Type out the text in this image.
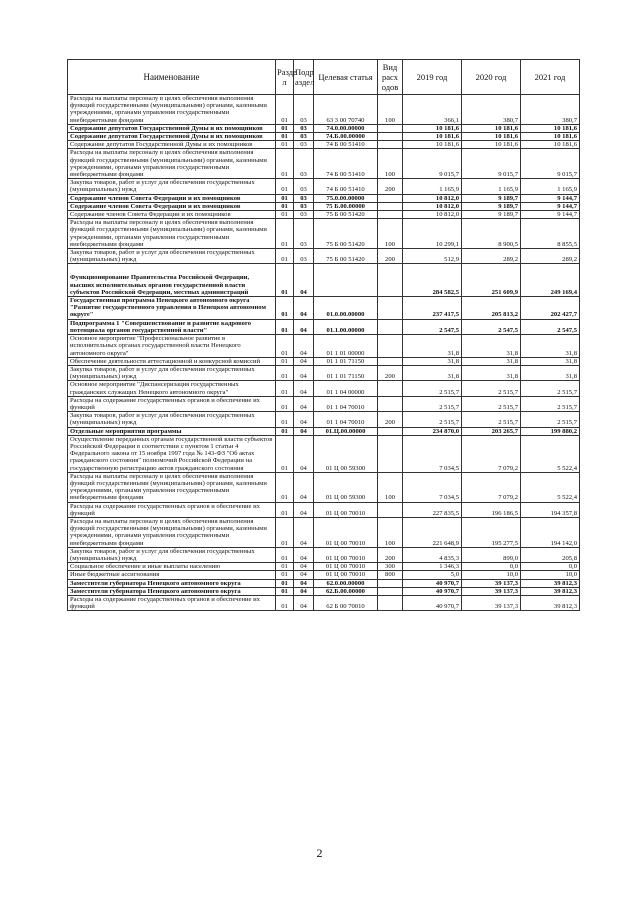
Наименование	Разде л	Подр аздел	Целевая статья	Вид расх одов	2019 год	2020 год	2021 год
Расходы на выплаты персоналу в целях обеспечения выполнения функций государственными (муниципальными) органами, казенными учреждениями, органами управления государственными внебюджетными фондами	01	03	63 3 00 70740	100	366,1	380,7	380,7
Содержание депутатов Государственной Думы и их помощников	01	03	74.0.00.00000		10 181,6	10 181,6	10 181,6
Содержание депутатов Государственной Думы и их помощников	01	03	74.Б.00.00000		10 181,6	10 181,6	10 181,6
Содержание депутатов Государственной Думы и их помощников	01	03	74 Б 00 51410		10 181,6	10 181,6	10 181,6
Расходы на выплаты персоналу в целях обеспечения выполнения функций государственными (муниципальными) органами, казенными учреждениями, органами управления государственными внебюджетными фондами	01	03	74 Б 00 51410	100	9 015,7	9 015,7	9 015,7
Закупка товаров, работ и услуг для обеспечения государственных (муниципальных) нужд	01	03	74 Б 00 51410	200	1 165,9	1 165,9	1 165,9
Содержание членов Совета Федерации и их помощников	01	03	75.0.00.00000		10 812,0	9 189,7	9 144,7
Содержание членов Совета Федерации и их помощников	01	03	75 Б.00.00000		10 812,0	9 189,7	9 144,7
Содержание членов Совета Федерации и их помощников	01	03	75 Б 00 51420		10 812,0	9 189,7	9 144,7
Расходы на выплаты персоналу в целях обеспечения выполнения функций государственными (муниципальными) органами, казенными учреждениями, органами управления государственными внебюджетными фондами	01	03	75 Б 00 51420	100	10 299,1	8 900,5	8 855,5
Закупка товаров, работ и услуг для обеспечения государственных (муниципальных) нужд	01	03	75 Б 00 51420	200	512,9	289,2	289,2
Функционирование Правительства Российской Федерации, высших исполнительных органов государственной власти субъектов Российской Федерации, местных администраций	01	04			284 582,5	251 609,9	249 169,4
Государственная программа Ненецкого автономного округа "Развитие государственного управления в Ненецком автономном округе"	01	04	01.0.00.00000		237 417,5	205 813,2	202 427,7
Подпрограмма 1 "Совершенствование и развитие кадрового потенциала органов государственной власти"	01	04	01.1.00.00000		2 547,5	2 547,5	2 547,5
Основное мероприятие "Профессиональное развитие в исполнительных органах государственной власти Ненецкого автономного округа"	01	04	01 1 01 00000		31,8	31,8	31,8
Обеспечение деятельности аттестационной и конкурсной комиссий	01	04	01 1 01 71150		31,8	31,8	31,8
Закупка товаров, работ и услуг для обеспечения государственных (муниципальных) нужд	01	04	01 1 01 71150	200	31,8	31,8	31,8
Основное мероприятие "Диспансеризация государственных гражданских служащих Ненецкого автономного округа"	01	04	01 1 04 00000		2 515,7	2 515,7	2 515,7
Расходы на содержание государственных органов и обеспечение их функций	01	04	01 1 04 70010		2 515,7	2 515,7	2 515,7
Закупка товаров, работ и услуг для обеспечения государственных (муниципальных) нужд	01	04	01 1 04 70010	200	2 515,7	2 515,7	2 515,7
Отдельные мероприятия программы	01	04	01.Ц.00.00000		234 870,0	203 265,7	199 880,2
Осуществление переданных органам государственной власти субъектов Российской Федерации в соответствии с пунктом 1 статьи 4 Федерального закона от 15 ноября 1997 года № 143-ФЗ "Об актах гражданского состояния" полномочий Российской Федерации на государственную регистрацию актов гражданского состояния	01	04	01 Ц 00 59300		7 034,5	7 079,2	5 522,4
Расходы на выплаты персоналу в целях обеспечения выполнения функций государственными (муниципальными) органами, казенными учреждениями, органами управления государственными внебюджетными фондами	01	04	01 Ц 00 59300	100	7 034,5	7 079,2	5 522,4
Расходы на содержание государственных органов и обеспечение их функций	01	04	01 Ц 00 70010		227 835,5	196 186,5	194 357,8
Расходы на выплаты персоналу в целях обеспечения выполнения функций государственными (муниципальными) органами, казенными учреждениями, органами управления государственными внебюджетными фондами	01	04	01 Ц 00 70010	100	221 648,9	195 277,5	194 142,0
Закупка товаров, работ и услуг для обеспечения государственных (муниципальных) нужд	01	04	01 Ц 00 70010	200	4 835,3	899,0	205,8
Социальное обеспечение и иные выплаты населению	01	04	01 Ц 00 70010	300	1 346,3	0,0	0,0
Иные бюджетные ассигнования	01	04	01 Ц 00 70010	800	5,0	10,0	10,0
Заместители губернатора Ненецкого автономного округа	01	04	62.0.00.00000		40 970,7	39 137,3	39 812,3
Заместители губернатора Ненецкого автономного округа	01	04	62.Б.00.00000		40 970,7	39 137,3	39 812,3
Расходы на содержание государственных органов и обеспечение их функций	01	04	62 Б 00 70010		40 970,7	39 137,3	39 812,3
2
